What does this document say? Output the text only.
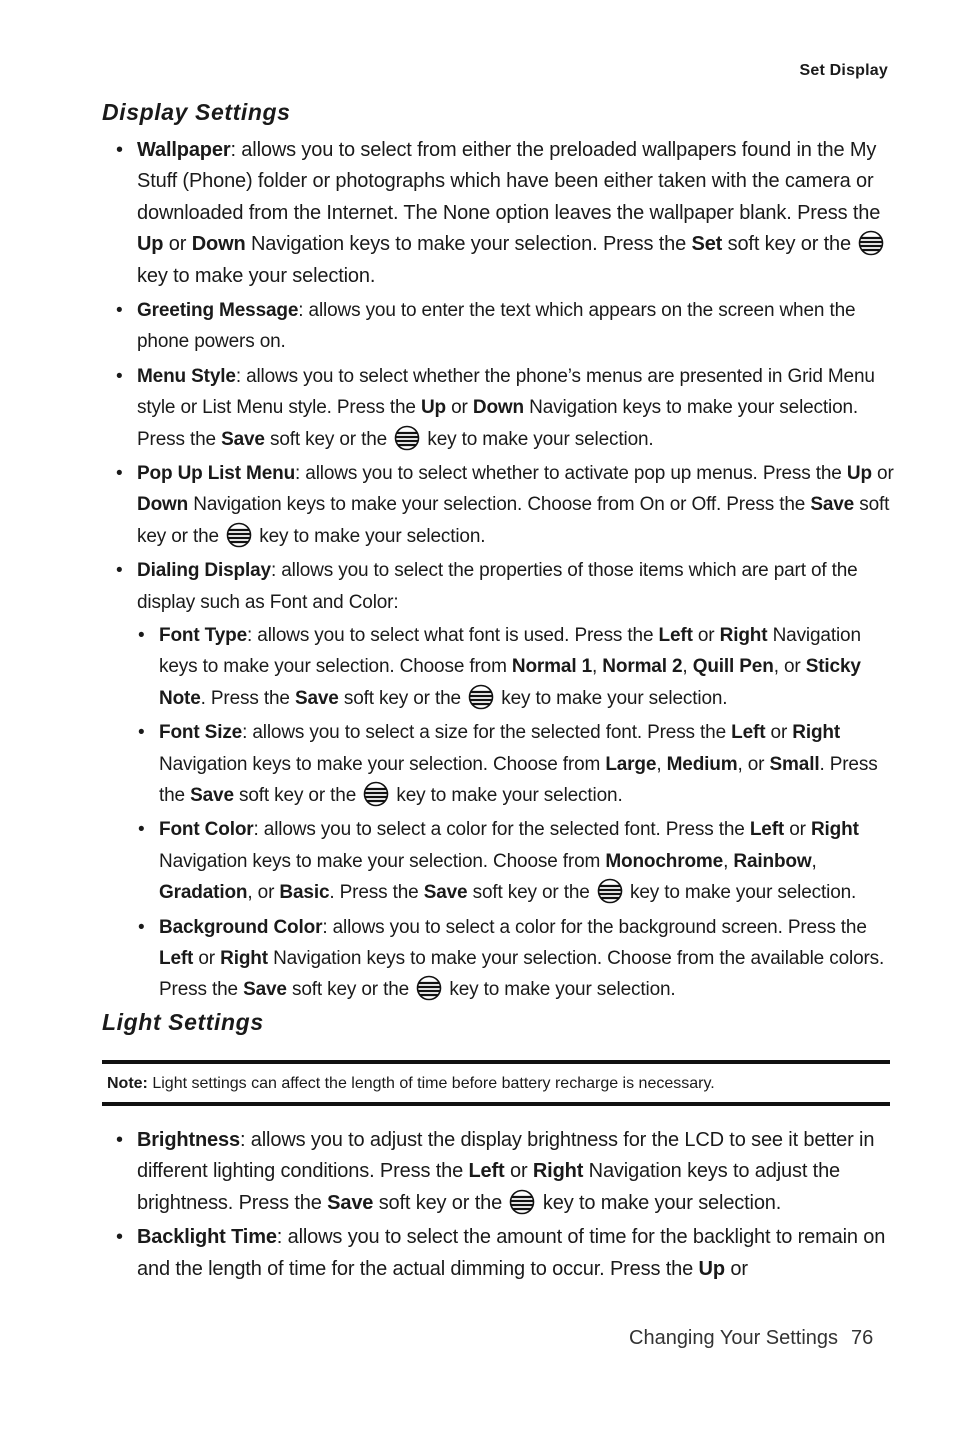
Set Display
Display Settings
• Wallpaper: allows you to select from either the preloaded wallpapers found in the My Stuff (Phone) folder or photographs which have been either taken with the camera or downloaded from the Internet. The None option leaves the wallpaper blank. Press the Up or Down Navigation keys to make your selection. Press the Set soft key or the  key to make your selection.
• Greeting Message: allows you to enter the text which appears on the screen when the phone powers on.
• Menu Style: allows you to select whether the phone’s menus are presented in Grid Menu style or List Menu style. Press the Up or Down Navigation keys to make your selection. Press the Save soft key or the key to make your selection.
• Pop Up List Menu: allows you to select whether to activate pop up menus. Press the Up or Down Navigation keys to make your selection. Choose from On or Off. Press the Save soft key or the key to make your selection.
• Dialing Display: allows you to select the properties of those items which are part of the display such as Font and Color:
• Font Type: allows you to select what font is used. Press the Left or Right Navigation keys to make your selection. Choose from Normal 1, Normal 2, Quill Pen, or Sticky Note. Press the Save soft key or the key to make your selection.
• Font Size: allows you to select a size for the selected font. Press the Left or Right Navigation keys to make your selection. Choose from Large, Medium, or Small. Press the Save soft key or the key to make your selection.
• Font Color: allows you to select a color for the selected font. Press the Left or Right Navigation keys to make your selection. Choose from Monochrome, Rainbow, Gradation, or Basic. Press the Save soft key or the key to make your selection.
• Background Color: allows you to select a color for the background screen. Press the Left or Right Navigation keys to make your selection. Choose from the available colors. Press the Save soft key or the key to make your selection.
Light Settings
Note: Light settings can affect the length of time before battery recharge is necessary.
• Brightness: allows you to adjust the display brightness for the LCD to see it better in different lighting conditions. Press the Left or Right Navigation keys to adjust the brightness. Press the Save soft key or the key to make your selection.
• Backlight Time: allows you to select the amount of time for the backlight to remain on and the length of time for the actual dimming to occur. Press the Up or
Changing Your Settings 76
